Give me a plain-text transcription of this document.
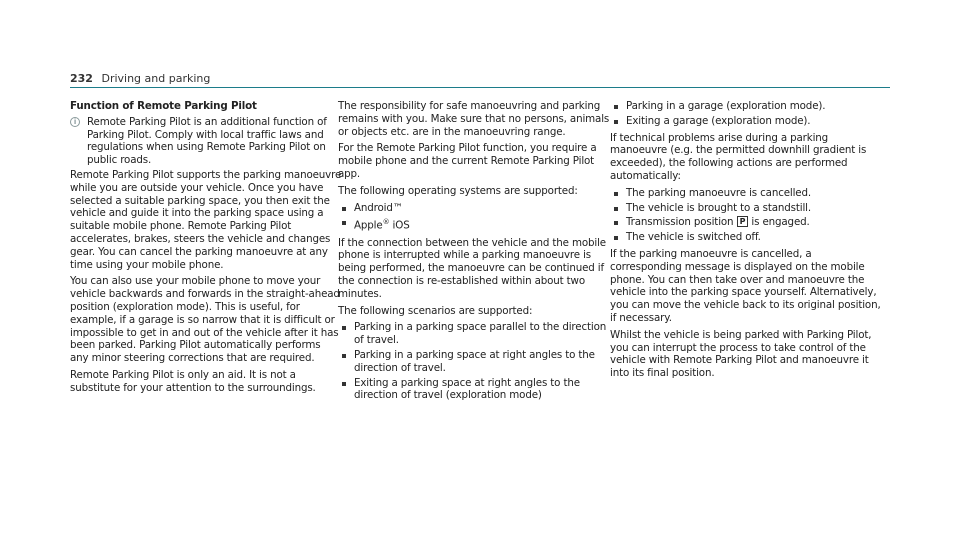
232 Driving and parking

Function of Remote Parking Pilot

i	Remote Parking Pilot is an additional function of Parking Pilot. Comply with local traffic laws and regulations when using Remote Parking Pilot on public roads.

Remote Parking Pilot supports the parking manoeuvre while you are outside your vehicle. Once you have selected a suitable parking space, you then exit the vehicle and guide it into the parking space using a suitable mobile phone. Remote Parking Pilot accelerates, brakes, steers the vehicle and changes gear. You can cancel the parking manoeuvre at any time using your mobile phone.

You can also use your mobile phone to move your vehicle backwards and forwards in the straight-ahead position (exploration mode). This is useful, for example, if a garage is so narrow that it is difficult or impossible to get in and out of the vehicle after it has been parked. Parking Pilot automatically performs any minor steering corrections that are required.

Remote Parking Pilot is only an aid. It is not a substitute for your attention to the surroundings.

The responsibility for safe manoeuvring and parking remains with you. Make sure that no persons, animals or objects etc. are in the manoeuvring range.

For the Remote Parking Pilot function, you require a mobile phone and the current Remote Parking Pilot app.

The following operating systems are supported:

Android™
Apple® iOS

If the connection between the vehicle and the mobile phone is interrupted while a parking manoeuvre is being performed, the manoeuvre can be continued if the connection is re-established within about two minutes.

The following scenarios are supported:

Parking in a parking space parallel to the direction of travel.
Parking in a parking space at right angles to the direction of travel.
Exiting a parking space at right angles to the direction of travel (exploration mode)
Parking in a garage (exploration mode).
Exiting a garage (exploration mode).

If technical problems arise during a parking manoeuvre (e.g. the permitted downhill gradient is exceeded), the following actions are performed automatically:

The parking manoeuvre is cancelled.
The vehicle is brought to a standstill.
Transmission position P is engaged.
The vehicle is switched off.

If the parking manoeuvre is cancelled, a corresponding message is displayed on the mobile phone. You can then take over and manoeuvre the vehicle into the parking space yourself. Alternatively, you can move the vehicle back to its original position, if necessary.

Whilst the vehicle is being parked with Parking Pilot, you can interrupt the process to take control of the vehicle with Remote Parking Pilot and manoeuvre it into its final position.
